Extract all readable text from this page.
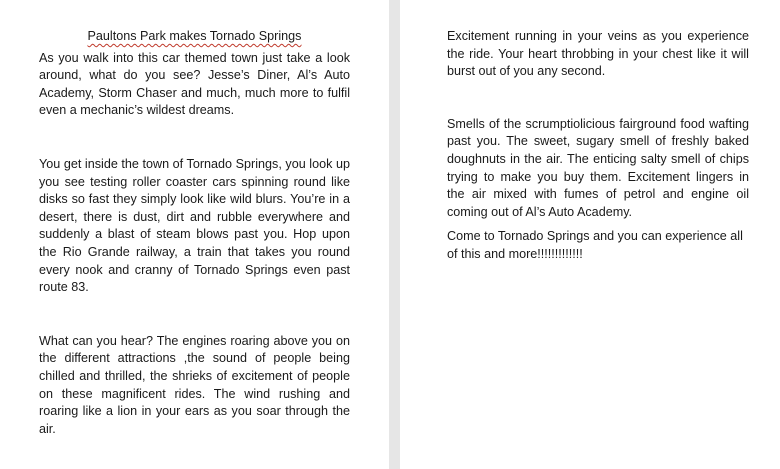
Paultons Park makes Tornado Springs

As you walk into this car themed town just take a look around, what do you see? Jesse’s Diner, Al’s Auto Academy, Storm Chaser and much, much more to fulfil even a mechanic’s wildest dreams.

You get inside the town of Tornado Springs, you look up you see testing roller coaster cars spinning round like disks so fast they simply look like wild blurs. You’re in a desert, there is dust, dirt and rubble everywhere and suddenly a blast of steam blows past you. Hop upon the Rio Grande railway, a train that takes you round every nook and cranny of Tornado Springs even past route 83.

What can you hear? The engines roaring above you on the different attractions ,the sound of people being chilled and thrilled, the shrieks of excitement of people on these magnificent rides. The wind rushing and roaring like a lion in your ears as you soar through the air.

Excitement running in your veins as you experience the ride. Your heart throbbing in your chest like it will burst out of you any second.

Smells of the scrumptiolicious fairground food wafting past you. The sweet, sugary smell of freshly baked doughnuts in the air. The enticing salty smell of chips trying to make you buy them. Excitement lingers in the air mixed with fumes of petrol and engine oil coming out of Al’s Auto Academy.

Come to Tornado Springs and you can experience all of this and more!!!!!!!!!!!!!
